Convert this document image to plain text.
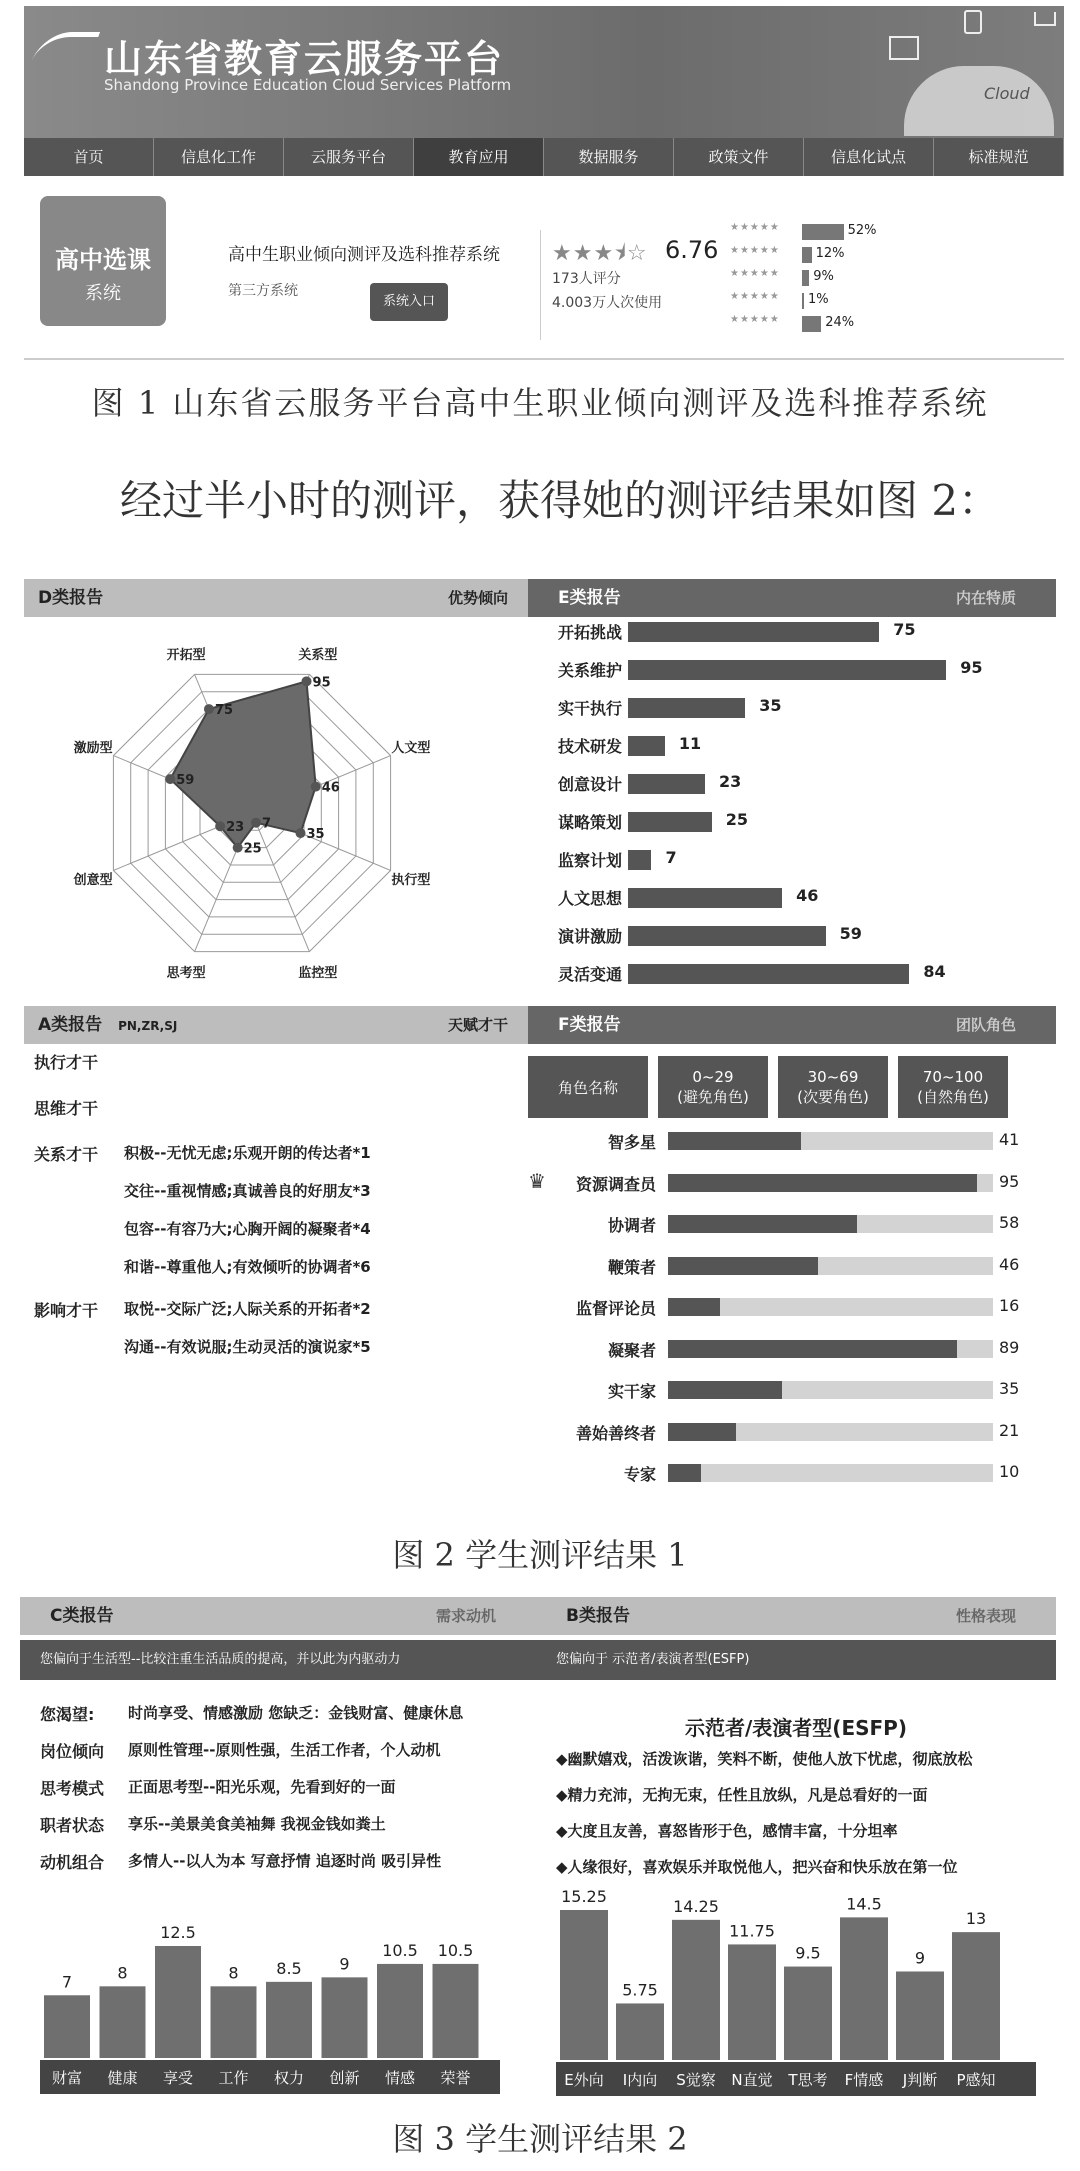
山东省教育云服务平台
Shandong Province Education Cloud Services Platform	Cloud
首页	信息化工作	云服务平台	教育应用	数据服务	政策文件	信息化试点	标准规范
高中选课
系统
高中生职业倾向测评及选科推荐系统
第三方系统
系统入口
★★★⯨☆ 6.76
173人评分
4.003万人次使用
★★★★★	52%
★★★★★	12%
★★★★★	9%
★★★★★ 1%
★★★★★	24%
图 1 山东省云服务平台高中生职业倾向测评及选科推荐系统
经过半小时的测评，获得她的测评结果如图 2：
D类报告	优势倾向
95
46
35
7
25
23
59
75
关系型
人文型
执行型
监控型
思考型
创意型
激励型
开拓型
E类报告	内在特质
开拓挑战	75
关系维护	95
实干执行	35
技术研发	11
创意设计	23
谋略策划	25
监察计划	7
人文思想	46
演讲激励	59
灵活变通	84
A类报告 PN,ZR,SJ	天赋才干
执行才干
思维才干
关系才干 积极--无忧无虑;乐观开朗的传达者*1
交往--重视情感;真诚善良的好朋友*3
包容--有容乃大;心胸开阔的凝聚者*4
和谐--尊重他人;有效倾听的协调者*6
影响才干 取悦--交际广泛;人际关系的开拓者*2
沟通--有效说服;生动灵活的演说家*5
F类报告	团队角色
角色名称
0~29
(避免角色)
30~69
(次要角色)
70~100
(自然角色)
智多星	41
资源调查员	95
协调者	58
鞭策者	46
监督评论员	16
凝聚者	89
实干家	35
善始善终者	21
专家	10
♛
图 2 学生测评结果 1
C类报告	需求动机
您偏向于生活型--比较注重生活品质的提高，并以此为内驱动力
您渴望: 时尚享受、情感激励 您缺乏：金钱财富、健康休息
岗位倾向 原则性管理--原则性强，生活工作者，个人动机
思考模式 正面思考型--阳光乐观，先看到好的一面
职者状态 享乐--美景美食美袖舞 我视金钱如粪土
动机组合 多情人--以人为本 写意抒情 追逐时尚 吸引异性
7
财富
8
健康
12.5
享受
8
工作
8.5
权力
9
创新
10.5
情感
10.5
荣誉
B类报告	性格表现
您偏向于 示范者/表演者型(ESFP)
示范者/表演者型(ESFP)
◆幽默嬉戏，活泼诙谐，笑料不断，使他人放下忧虑，彻底放松
◆精力充沛，无拘无束，任性且放纵，凡是总看好的一面
◆大度且友善，喜怒皆形于色，感情丰富，十分坦率
◆人缘很好，喜欢娱乐并取悦他人，把兴奋和快乐放在第一位
15.25
E外向
5.75
I内向
14.25
S觉察
11.75
N直觉
9.5
T思考
14.5
F情感
9
J判断
13
P感知
图 3 学生测评结果 2
